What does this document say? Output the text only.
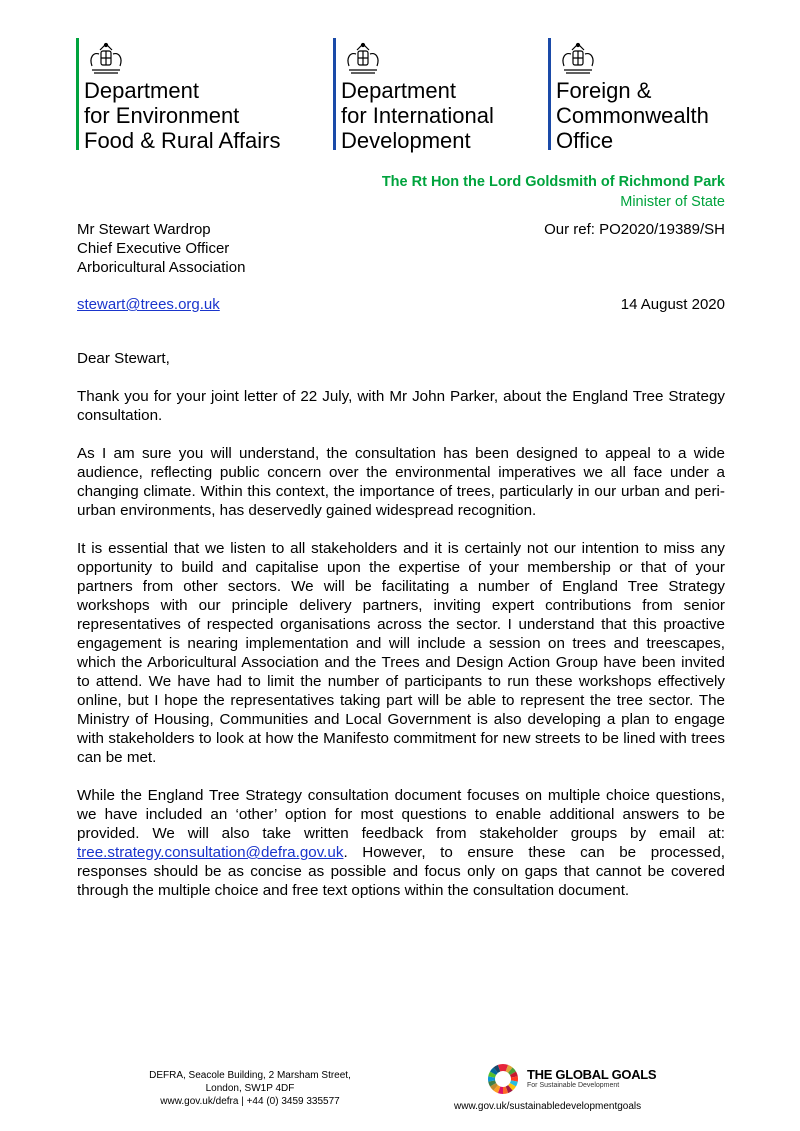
Department
for Environment
Food & Rural Affairs
Department
for International
Development
Foreign &
Commonwealth
Office
The Rt Hon the Lord Goldsmith of Richmond Park
Minister of State
Mr Stewart Wardrop
Chief Executive Officer
Arboricultural Association
Our ref: PO2020/19389/SH
stewart@trees.org.uk	14 August 2020

Dear Stewart,

Thank you for your joint letter of 22 July, with Mr John Parker, about the England Tree Strategy consultation.

As I am sure you will understand, the consultation has been designed to appeal to a wide audience, reflecting public concern over the environmental imperatives we all face under a changing climate. Within this context, the importance of trees, particularly in our urban and peri-urban environments, has deservedly gained widespread recognition.

It is essential that we listen to all stakeholders and it is certainly not our intention to miss any opportunity to build and capitalise upon the expertise of your membership or that of your partners from other sectors. We will be facilitating a number of England Tree Strategy workshops with our principle delivery partners, inviting expert contributions from senior representatives of respected organisations across the sector. I understand that this proactive engagement is nearing implementation and will include a session on trees and treescapes, which the Arboricultural Association and the Trees and Design Action Group have been invited to attend. We have had to limit the number of participants to run these workshops effectively online, but I hope the representatives taking part will be able to represent the tree sector. The Ministry of Housing, Communities and Local Government is also developing a plan to engage with stakeholders to look at how the Manifesto commitment for new streets to be lined with trees can be met.

While the England Tree Strategy consultation document focuses on multiple choice questions, we have included an ‘other’ option for most questions to enable additional answers to be provided. We will also take written feedback from stakeholder groups by email at: tree.strategy.consultation@defra.gov.uk. However, to ensure these can be processed, responses should be as concise as possible and focus only on gaps that cannot be covered through the multiple choice and free text options within the consultation document.

DEFRA, Seacole Building, 2 Marsham Street,
London, SW1P 4DF
www.gov.uk/defra | +44 (0) 3459 335577
THE GLOBAL GOALS
For Sustainable Development
www.gov.uk/sustainabledevelopmentgoals
